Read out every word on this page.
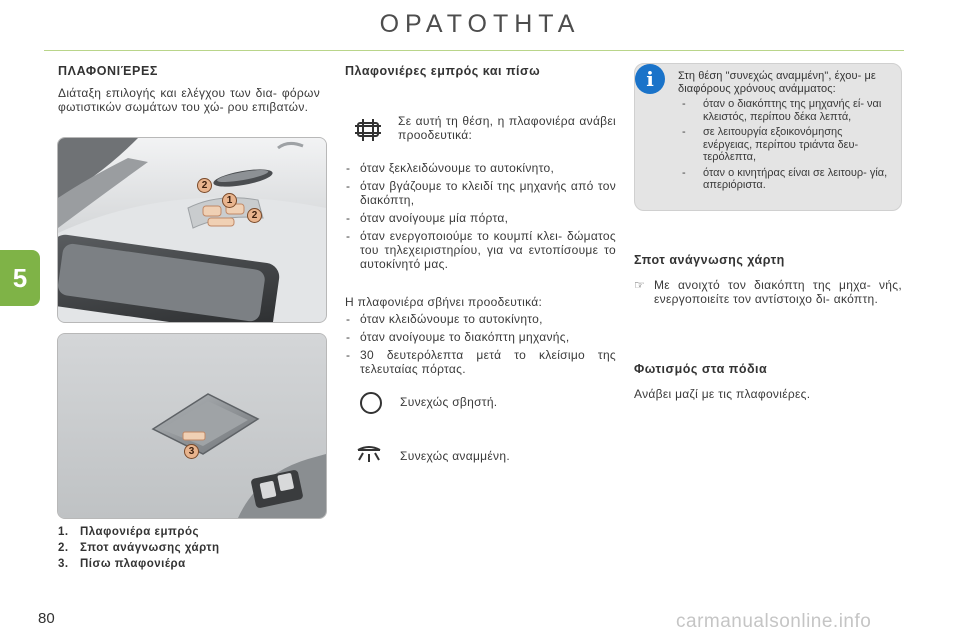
ΟΡΑΤΟΤΗΤΑ
5
ΠΛΑΦΟΝΙΈΡΕΣ
Διάταξη επιλογής και ελέγχου των δια- φόρων φωτιστικών σωμάτων του χώ- ρου επιβατών.
2
1
2
3
1. Πλαφονιέρα εμπρός
2. Σποτ ανάγνωσης χάρτη
3. Πίσω πλαφονιέρα
Πλαφονιέρες εμπρός και πίσω
Σε αυτή τη θέση, η πλαφονιέρα ανάβει προοδευτικά:
- όταν ξεκλειδώνουμε το αυτοκίνητο,
- όταν βγάζουμε το κλειδί της μηχανής από τον διακόπτη,
- όταν ανοίγουμε μία πόρτα,
- όταν ενεργοποιούμε το κουμπί κλει- δώματος του τηλεχειριστηρίου, για να εντοπίσουμε το αυτοκίνητό μας.
Η πλαφονιέρα σβήνει προοδευτικά:
- όταν κλειδώνουμε το αυτοκίνητο,
- όταν ανοίγουμε το διακόπτη μηχανής,
- 30 δευτερόλεπτα μετά το κλείσιμο της τελευταίας πόρτας.
Συνεχώς σβηστή.
Συνεχώς αναμμένη.
i	Στη θέση "συνεχώς αναμμένη", έχου- με διαφόρους χρόνους ανάμματος:
- όταν ο διακόπτης της μηχανής εί- ναι κλειστός, περίπου δέκα λεπτά,
- σε λειτουργία εξοικονόμησης ενέργειας, περίπου τριάντα δευ- τερόλεπτα,
- όταν ο κινητήρας είναι σε λειτουρ- γία, απεριόριστα.
Σποτ ανάγνωσης χάρτη
☞ Με ανοιχτό τον διακόπτη της μηχα- νής, ενεργοποιείτε τον αντίστοιχο δι- ακόπτη.
Φωτισμός στα πόδια
Ανάβει μαζί με τις πλαφονιέρες.
80	carmanualsonline.info
